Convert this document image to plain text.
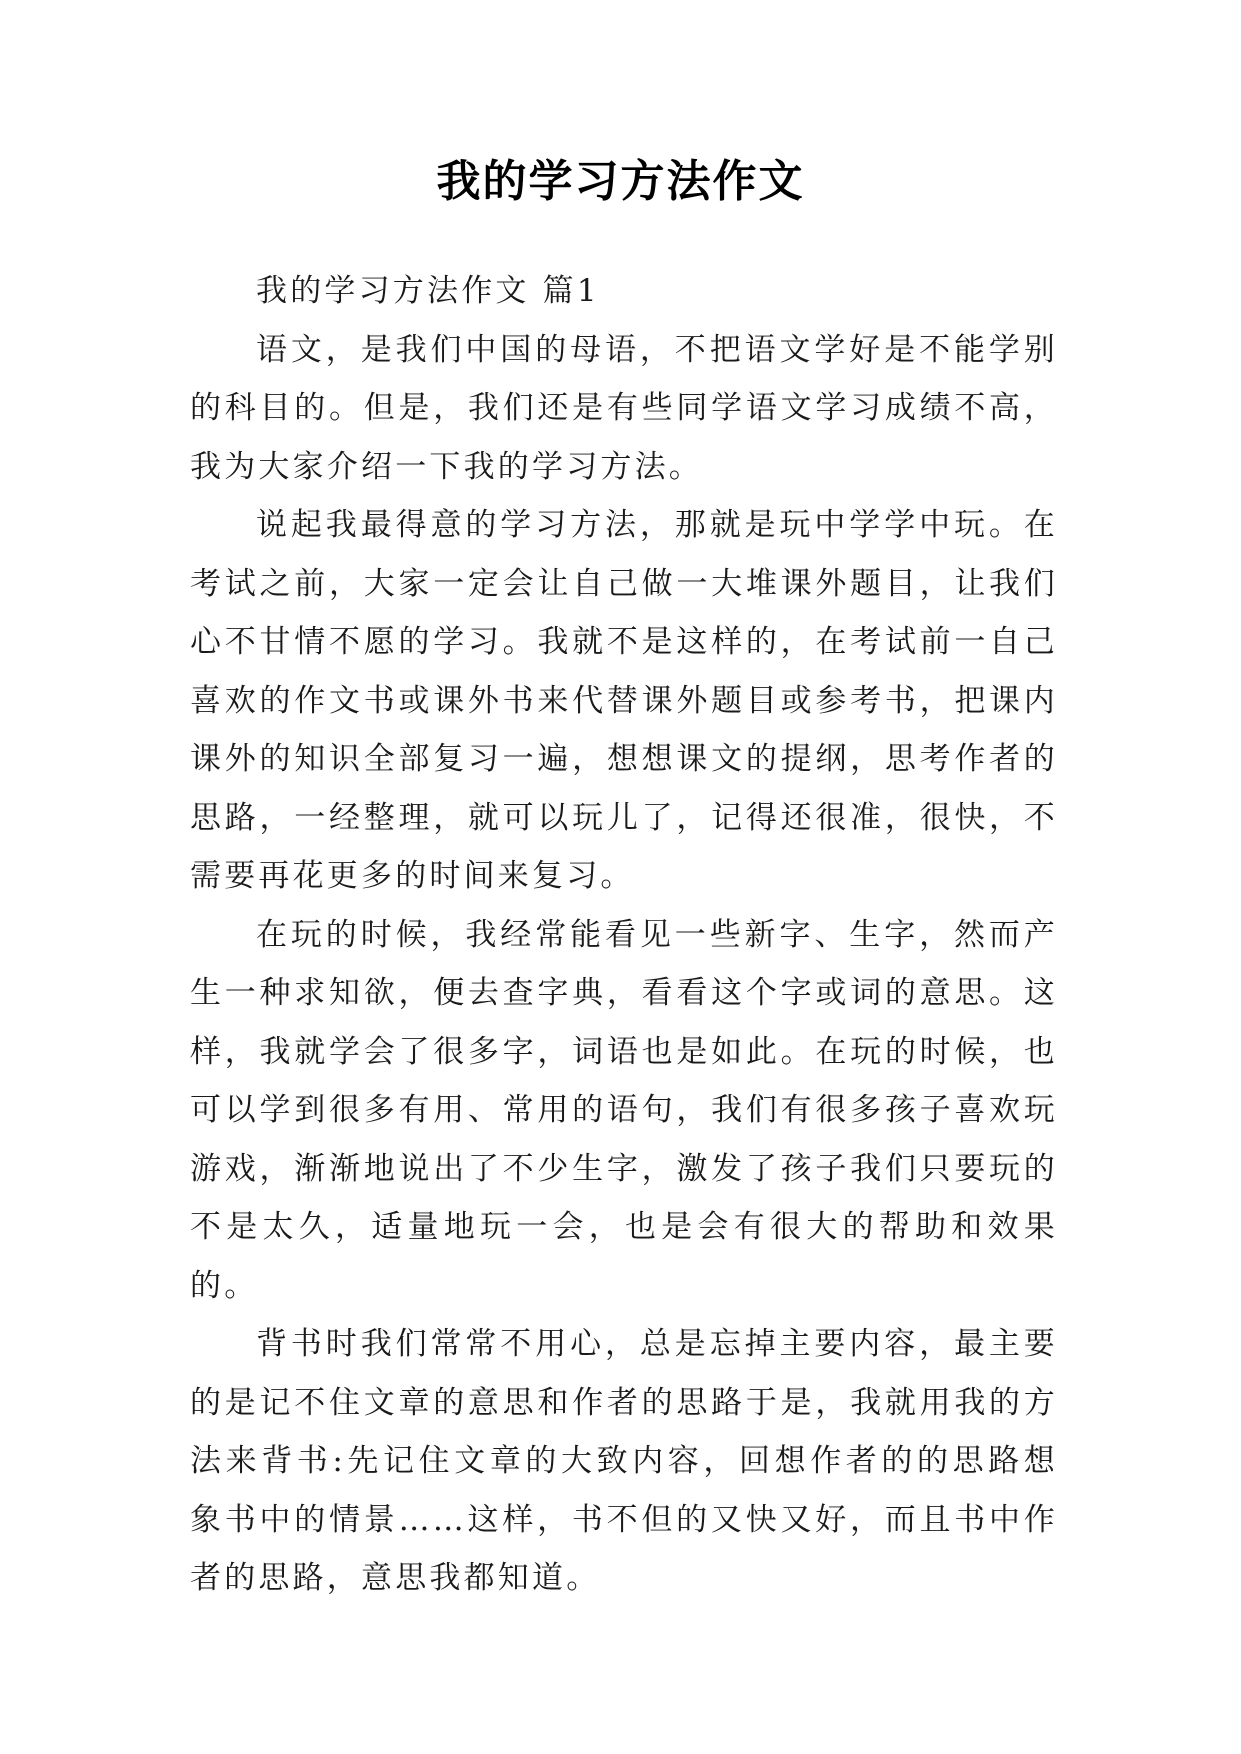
我的学习方法作文

我的学习方法作文 篇1

语文，是我们中国的母语，不把语文学好是不能学别的科目的。但是，我们还是有些同学语文学习成绩不高，我为大家介绍一下我的学习方法。

说起我最得意的学习方法，那就是玩中学学中玩。在考试之前，大家一定会让自己做一大堆课外题目，让我们心不甘情不愿的学习。我就不是这样的，在考试前一自己喜欢的作文书或课外书来代替课外题目或参考书，把课内课外的知识全部复习一遍，想想课文的提纲，思考作者的思路，一经整理，就可以玩儿了，记得还很准，很快，不需要再花更多的时间来复习。

在玩的时候，我经常能看见一些新字、生字，然而产生一种求知欲，便去查字典，看看这个字或词的意思。这样，我就学会了很多字，词语也是如此。在玩的时候，也可以学到很多有用、常用的语句，我们有很多孩子喜欢玩游戏，渐渐地说出了不少生字，激发了孩子我们只要玩的不是太久，适量地玩一会，也是会有很大的帮助和效果的。

背书时我们常常不用心，总是忘掉主要内容，最主要的是记不住文章的意思和作者的思路于是，我就用我的方法来背书:先记住文章的大致内容，回想作者的的思路想象书中的情景……这样，书不但的又快又好，而且书中作者的思路，意思我都知道。
